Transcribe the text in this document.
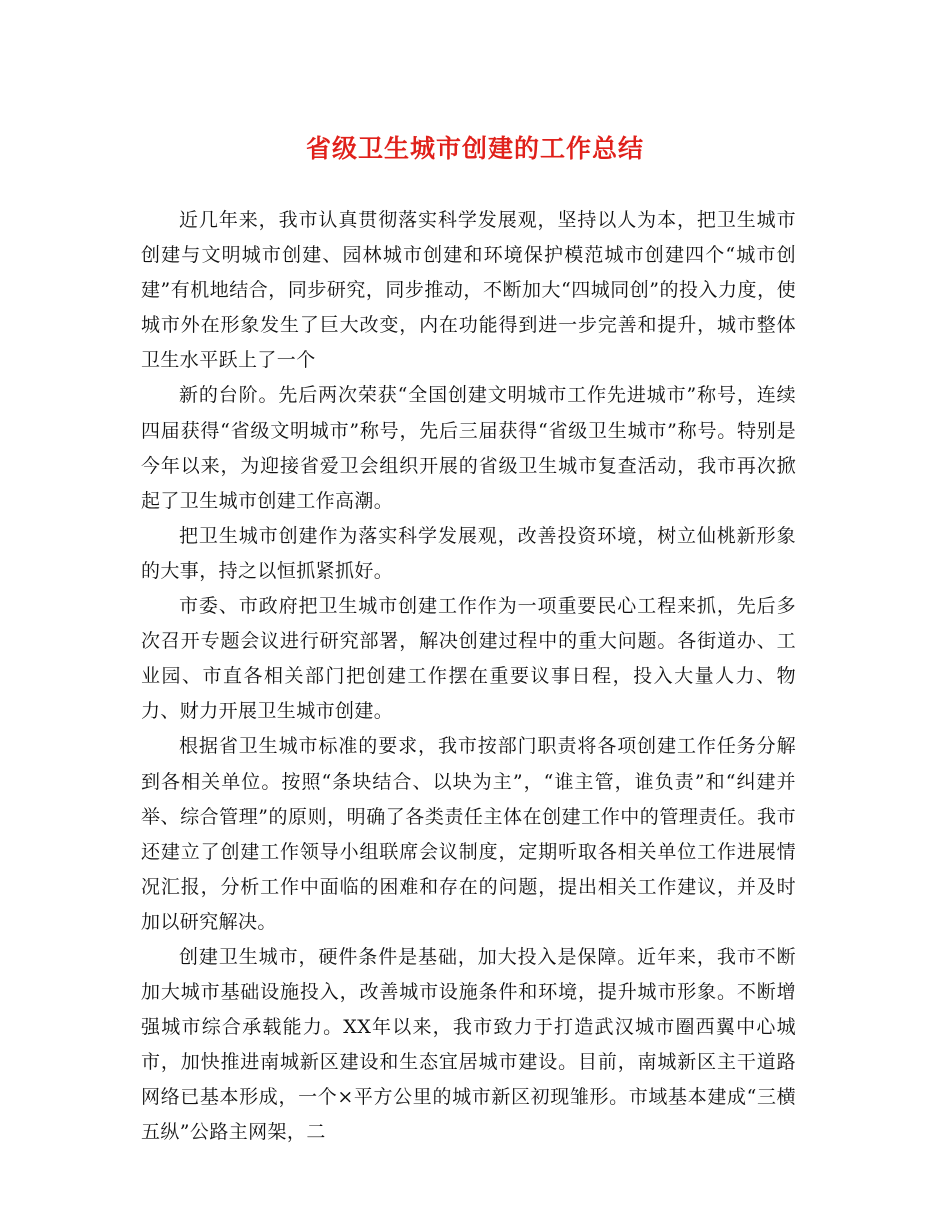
省级卫生城市创建的工作总结

近几年来，我市认真贯彻落实科学发展观，坚持以人为本，把卫生城市创建与文明城市创建、园林城市创建和环境保护模范城市创建四个“城市创建”有机地结合，同步研究，同步推动，不断加大“四城同创”的投入力度，使城市外在形象发生了巨大改变，内在功能得到进一步完善和提升，城市整体卫生水平跃上了一个

新的台阶。先后两次荣获“全国创建文明城市工作先进城市”称号，连续四届获得“省级文明城市”称号，先后三届获得“省级卫生城市”称号。特别是今年以来，为迎接省爱卫会组织开展的省级卫生城市复查活动，我市再次掀起了卫生城市创建工作高潮。

把卫生城市创建作为落实科学发展观，改善投资环境，树立仙桃新形象的大事，持之以恒抓紧抓好。

市委、市政府把卫生城市创建工作作为一项重要民心工程来抓，先后多次召开专题会议进行研究部署，解决创建过程中的重大问题。各街道办、工业园、市直各相关部门把创建工作摆在重要议事日程，投入大量人力、物力、财力开展卫生城市创建。

根据省卫生城市标准的要求，我市按部门职责将各项创建工作任务分解到各相关单位。按照“条块结合、以块为主”，“谁主管，谁负责”和“纠建并举、综合管理”的原则，明确了各类责任主体在创建工作中的管理责任。我市还建立了创建工作领导小组联席会议制度，定期听取各相关单位工作进展情况汇报，分析工作中面临的困难和存在的问题，提出相关工作建议，并及时加以研究解决。

创建卫生城市，硬件条件是基础，加大投入是保障。近年来，我市不断加大城市基础设施投入，改善城市设施条件和环境，提升城市形象。不断增强城市综合承载能力。XX年以来，我市致力于打造武汉城市圈西翼中心城市，加快推进南城新区建设和生态宜居城市建设。目前，南城新区主干道路网络已基本形成，一个×平方公里的城市新区初现雏形。市域基本建成“三横五纵”公路主网架，二
